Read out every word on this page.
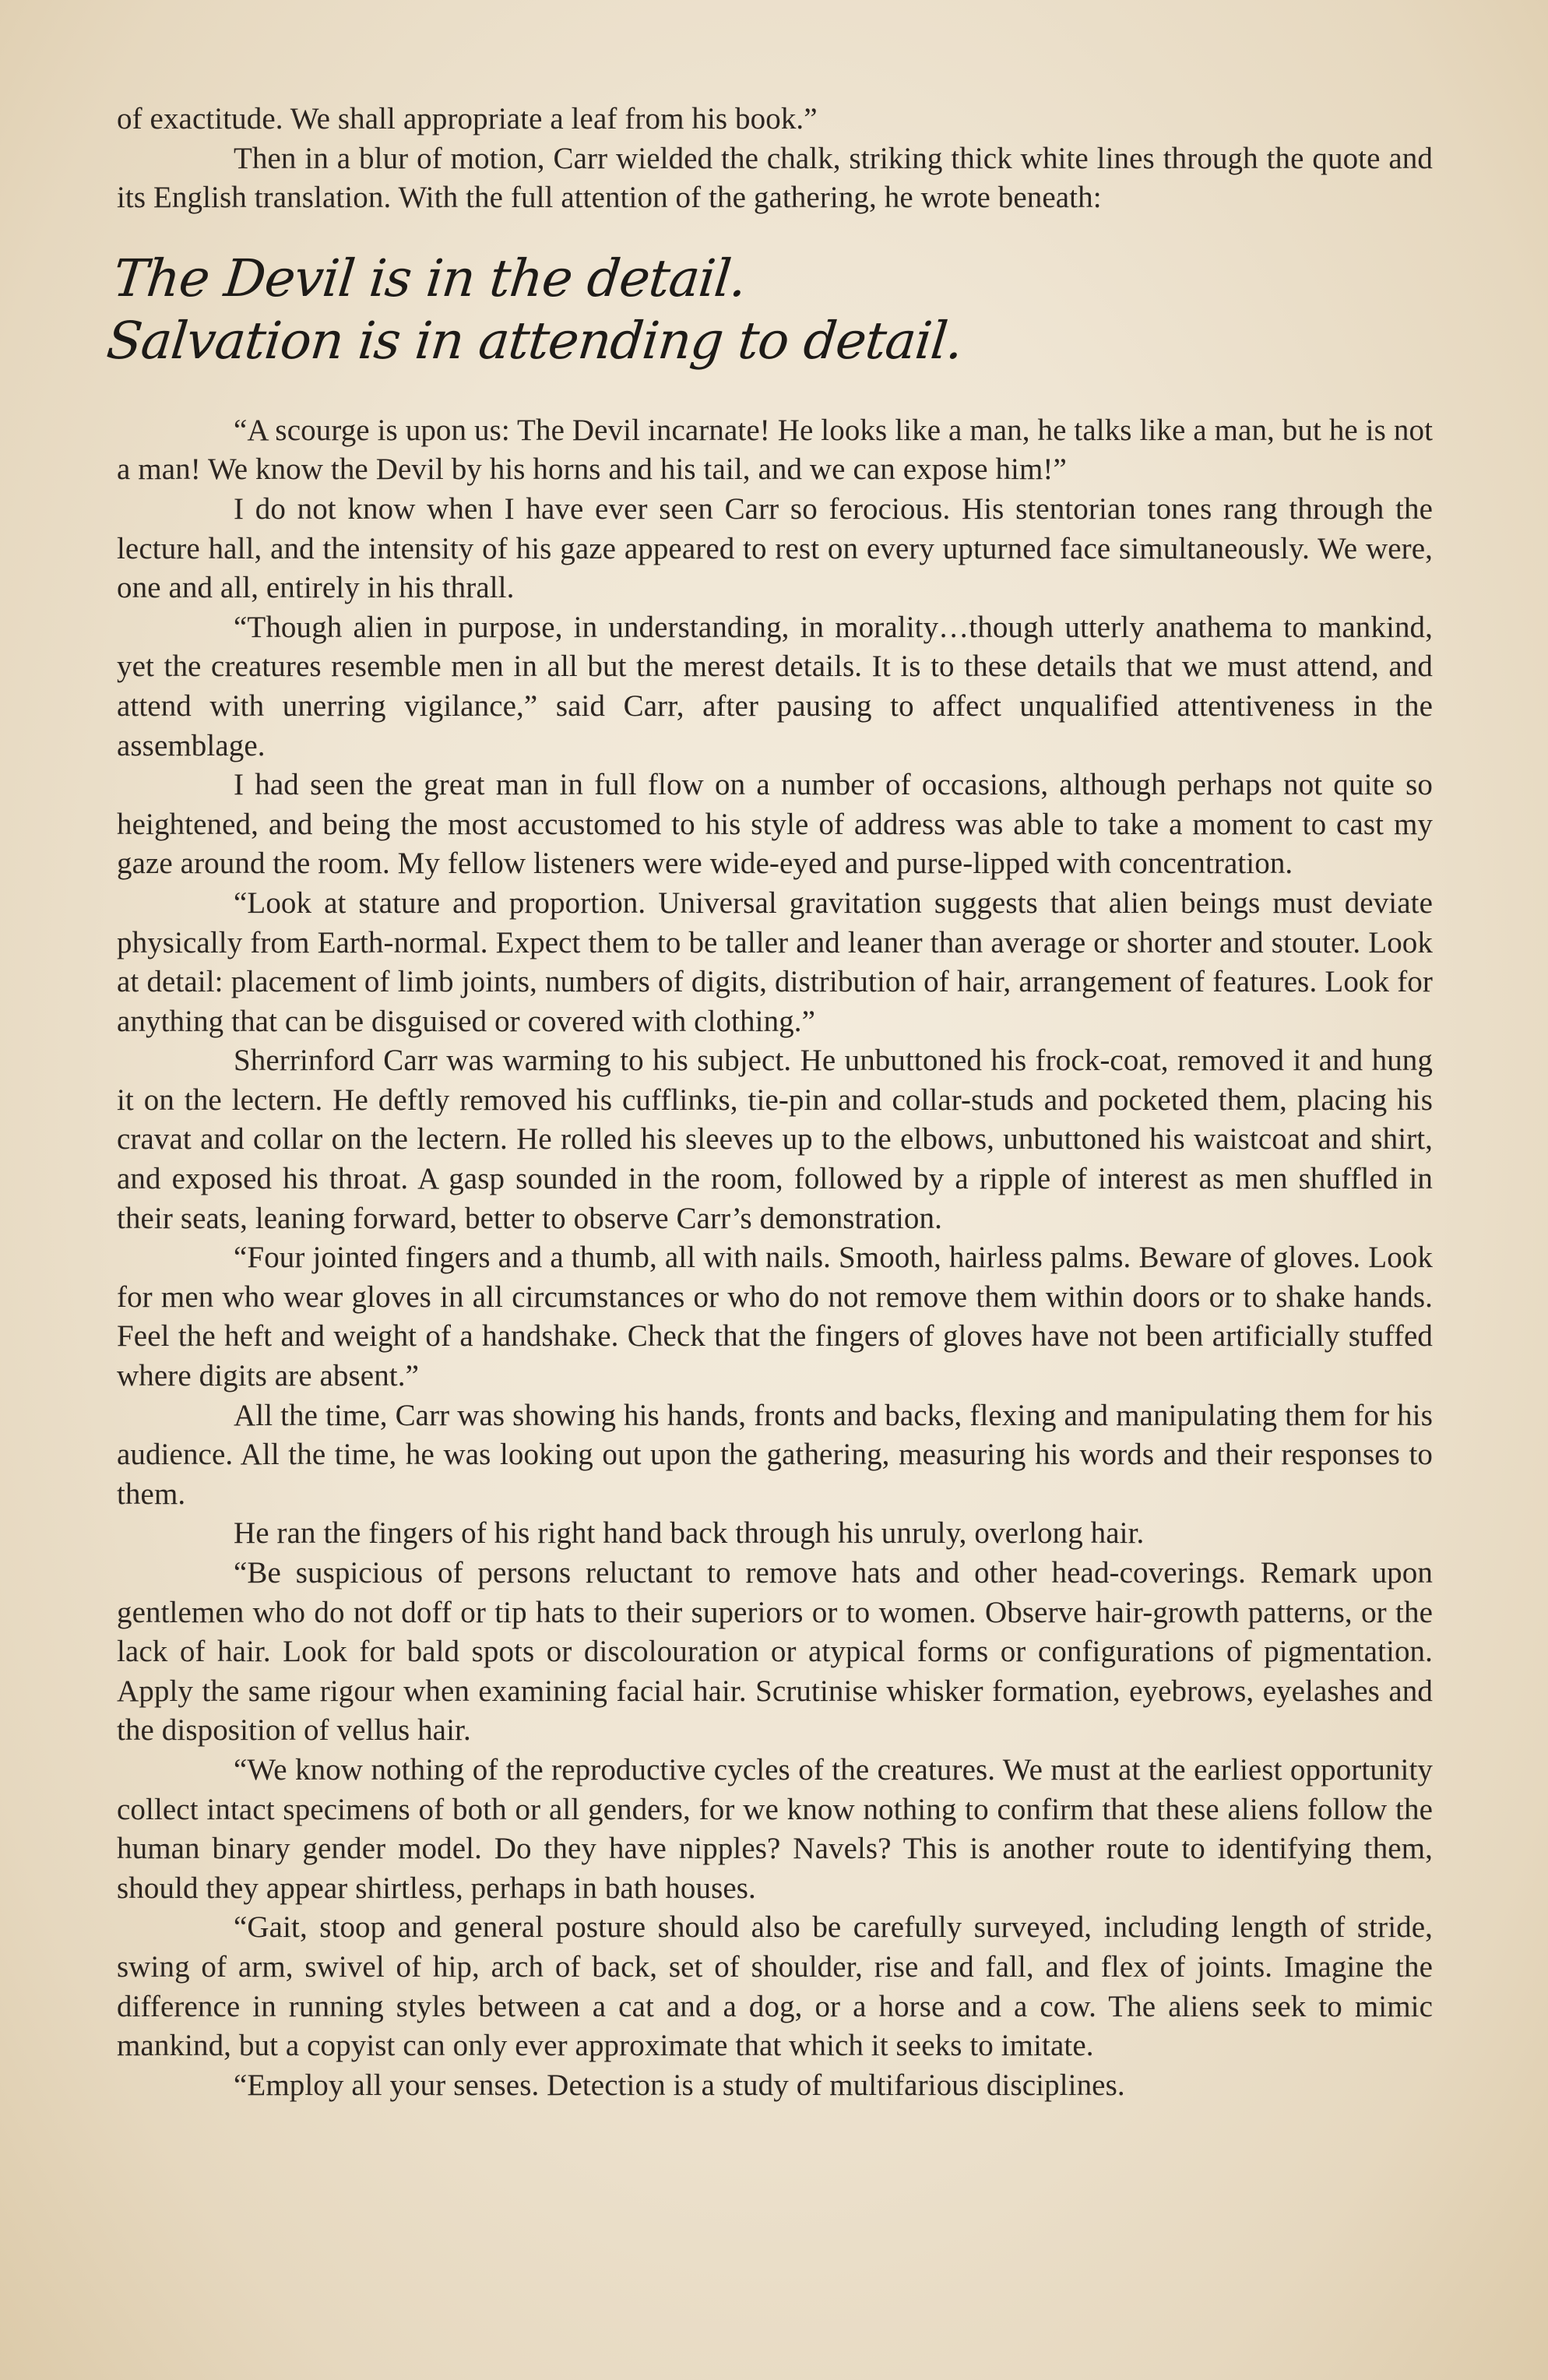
of exactitude. We shall appropriate a leaf from his book.”

Then in a blur of motion, Carr wielded the chalk, striking thick white lines through the quote and its English translation. With the full attention of the gathering, he wrote beneath:

The Devil is in the detail.
Salvation is in attending to detail.

“A scourge is upon us: The Devil incarnate! He looks like a man, he talks like a man, but he is not a man! We know the Devil by his horns and his tail, and we can expose him!”

I do not know when I have ever seen Carr so ferocious. His stentorian tones rang through the lecture hall, and the intensity of his gaze appeared to rest on every upturned face simultaneously. We were, one and all, entirely in his thrall.

“Though alien in purpose, in understanding, in morality…though utterly anathema to mankind, yet the creatures resemble men in all but the merest details. It is to these details that we must attend, and attend with unerring vigilance,” said Carr, after pausing to affect unqualified attentiveness in the assemblage.

I had seen the great man in full flow on a number of occasions, although perhaps not quite so heightened, and being the most accustomed to his style of address was able to take a moment to cast my gaze around the room. My fellow listeners were wide-eyed and purse-lipped with concentration.

“Look at stature and proportion. Universal gravitation suggests that alien beings must deviate physically from Earth-normal. Expect them to be taller and leaner than average or shorter and stouter. Look at detail: placement of limb joints, numbers of digits, distribution of hair, arrangement of features. Look for anything that can be disguised or covered with clothing.”

Sherrinford Carr was warming to his subject. He unbuttoned his frock-coat, removed it and hung it on the lectern. He deftly removed his cufflinks, tie-pin and collar-studs and pocketed them, placing his cravat and collar on the lectern. He rolled his sleeves up to the elbows, unbuttoned his waistcoat and shirt, and exposed his throat. A gasp sounded in the room, followed by a ripple of interest as men shuffled in their seats, leaning forward, better to observe Carr’s demonstration.

“Four jointed fingers and a thumb, all with nails. Smooth, hairless palms. Beware of gloves. Look for men who wear gloves in all circumstances or who do not remove them within doors or to shake hands. Feel the heft and weight of a handshake. Check that the fingers of gloves have not been artificially stuffed where digits are absent.”

All the time, Carr was showing his hands, fronts and backs, flexing and manipulating them for his audience. All the time, he was looking out upon the gathering, measuring his words and their responses to them.

He ran the fingers of his right hand back through his unruly, overlong hair.

“Be suspicious of persons reluctant to remove hats and other head-coverings. Remark upon gentlemen who do not doff or tip hats to their superiors or to women. Observe hair-growth patterns, or the lack of hair. Look for bald spots or discolouration or atypical forms or configurations of pigmentation. Apply the same rigour when examining facial hair. Scrutinise whisker formation, eyebrows, eyelashes and the disposition of vellus hair.

“We know nothing of the reproductive cycles of the creatures. We must at the earliest opportunity collect intact specimens of both or all genders, for we know nothing to confirm that these aliens follow the human binary gender model. Do they have nipples? Navels? This is another route to identifying them, should they appear shirtless, perhaps in bath houses.

“Gait, stoop and general posture should also be carefully surveyed, including length of stride, swing of arm, swivel of hip, arch of back, set of shoulder, rise and fall, and flex of joints. Imagine the difference in running styles between a cat and a dog, or a horse and a cow. The aliens seek to mimic mankind, but a copyist can only ever approximate that which it seeks to imitate.

“Employ all your senses. Detection is a study of multifarious disciplines.
